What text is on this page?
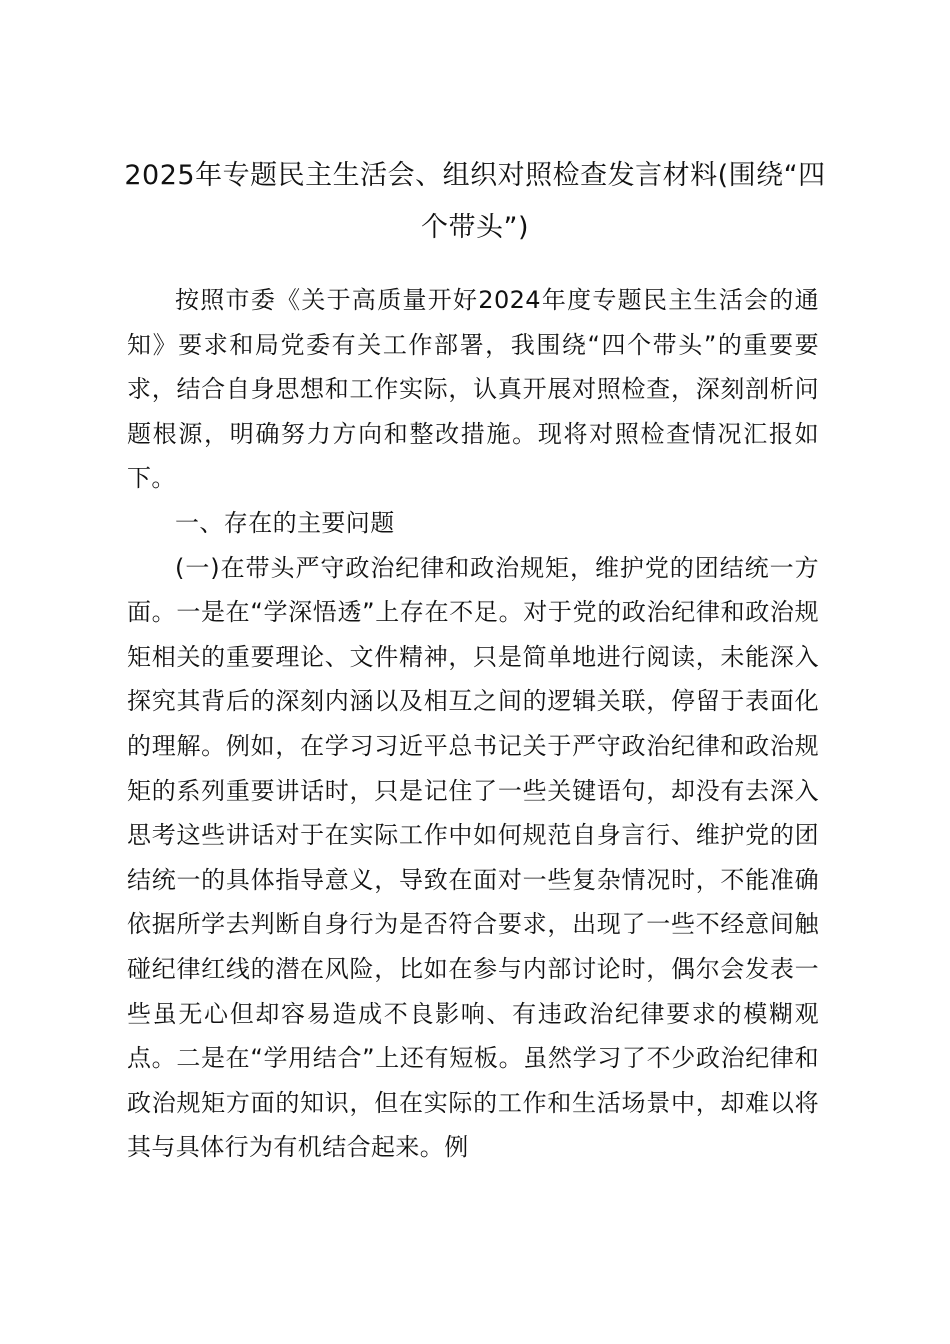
2025年专题民主生活会、组织对照检查发言材料(围绕“四个带头”)

按照市委《关于高质量开好2024年度专题民主生活会的通知》要求和局党委有关工作部署，我围绕“四个带头”的重要要求，结合自身思想和工作实际，认真开展对照检查，深刻剖析问题根源，明确努力方向和整改措施。现将对照检查情况汇报如下。

一、存在的主要问题

(一)在带头严守政治纪律和政治规矩，维护党的团结统一方面。一是在“学深悟透”上存在不足。对于党的政治纪律和政治规矩相关的重要理论、文件精神，只是简单地进行阅读，未能深入探究其背后的深刻内涵以及相互之间的逻辑关联，停留于表面化的理解。例如，在学习习近平总书记关于严守政治纪律和政治规矩的系列重要讲话时，只是记住了一些关键语句，却没有去深入思考这些讲话对于在实际工作中如何规范自身言行、维护党的团结统一的具体指导意义，导致在面对一些复杂情况时，不能准确依据所学去判断自身行为是否符合要求，出现了一些不经意间触碰纪律红线的潜在风险，比如在参与内部讨论时，偶尔会发表一些虽无心但却容易造成不良影响、有违政治纪律要求的模糊观点。二是在“学用结合”上还有短板。虽然学习了不少政治纪律和政治规矩方面的知识，但在实际的工作和生活场景中，却难以将其与具体行为有机结合起来。例
